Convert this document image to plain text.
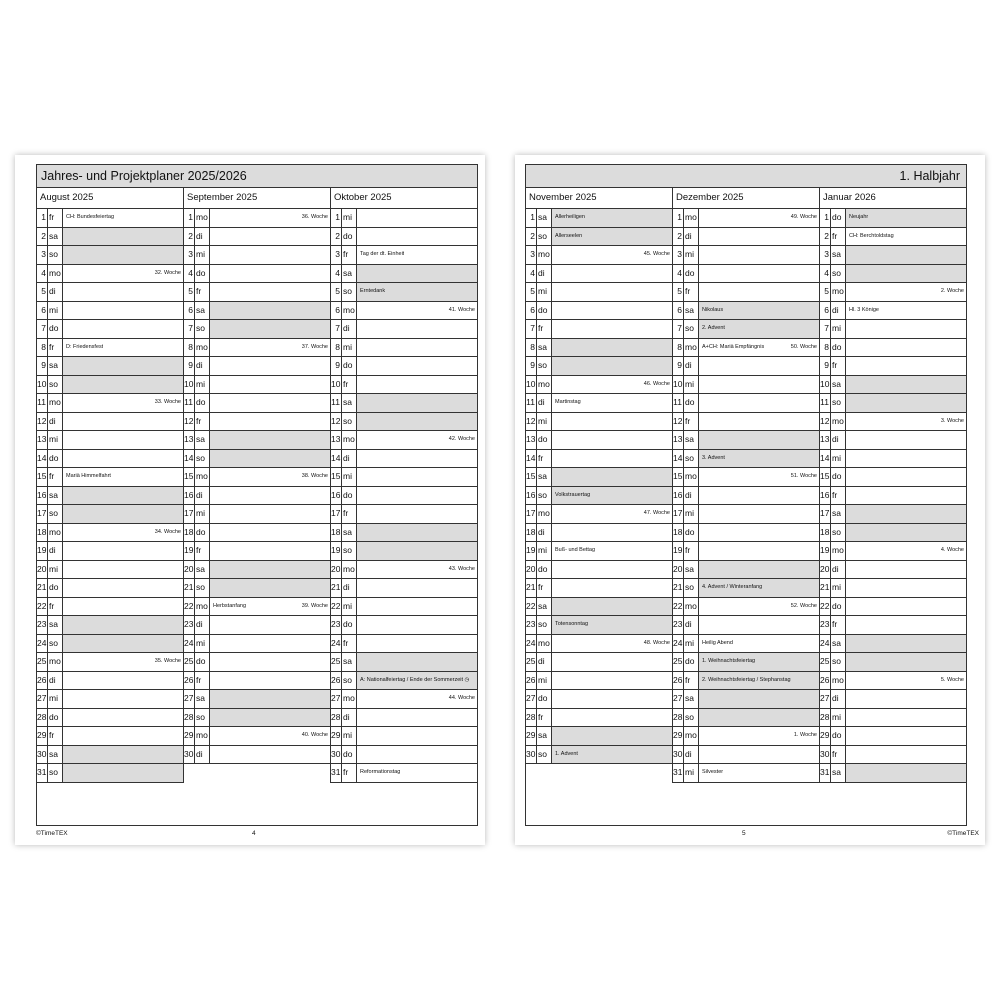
Jahres- und Projektplaner 2025/2026
August 2025
1 fr	CH: Bundesfeiertag
2 sa
3 so
4 mo	32. Woche
5 di
6 mi
7 do
8 fr	D: Friedensfest
9 sa
10 so
11 mo	33. Woche
12 di
13 mi
14 do
15 fr	Mariä Himmelfahrt
16 sa
17 so
18 mo	34. Woche
19 di
20 mi
21 do
22 fr
23 sa
24 so
25 mo	35. Woche
26 di
27 mi
28 do
29 fr
30 sa
31 so
September 2025
1 mo	36. Woche
2 di
3 mi
4 do
5 fr
6 sa
7 so
8 mo	37. Woche
9 di
10 mi
11 do
12 fr
13 sa
14 so
15 mo	38. Woche
16 di
17 mi
18 do
19 fr
20 sa
21 so
22 mo Herbstanfang	39. Woche
23 di
24 mi
25 do
26 fr
27 sa
28 so
29 mo	40. Woche
30 di
Oktober 2025
1 mi
2 do
3 fr	Tag der dt. Einheit
4 sa
5 so	Erntedank
6 mo	41. Woche
7 di
8 mi
9 do
10 fr
11 sa
12 so
13 mo	42. Woche
14 di
15 mi
16 do
17 fr
18 sa
19 so
20 mo	43. Woche
21 di
22 mi
23 do
24 fr
25 sa
26 so	A: Nationalfeiertag / Ende der Sommerzeit ◷
27 mo	44. Woche
28 di
29 mi
30 do
31 fr	Reformationstag
©TimeTEX	4
1. Halbjahr
November 2025
1 sa	Allerheiligen
2 so	Allerseelen
3 mo	45. Woche
4 di
5 mi
6 do
7 fr
8 sa
9 so
10 mo	46. Woche
11 di	Martinstag
12 mi
13 do
14 fr
15 sa
16 so	Volkstrauertag
17 mo	47. Woche
18 di
19 mi	Buß- und Bettag
20 do
21 fr
22 sa
23 so	Totensonntag
24 mo	48. Woche
25 di
26 mi
27 do
28 fr
29 sa
30 so	1. Advent
Dezember 2025
1 mo	49. Woche
2 di
3 mi
4 do
5 fr
6 sa	Nikolaus
7 so	2. Advent
8 mo A+CH: Mariä Empfängnis	50. Woche
9 di
10 mi
11 do
12 fr
13 sa
14 so	3. Advent
15 mo	51. Woche
16 di
17 mi
18 do
19 fr
20 sa
21 so	4. Advent / Winteranfang
22 mo	52. Woche
23 di
24 mi	Heilig Abend
25 do	1. Weihnachtsfeiertag
26 fr	2. Weihnachtsfeiertag / Stephanstag
27 sa
28 so
29 mo	1. Woche
30 di
31 mi	Silvester
Januar 2026
1 do	Neujahr
2 fr	CH: Berchtoldstag
3 sa
4 so
5 mo	2. Woche
6 di	Hl. 3 Könige
7 mi
8 do
9 fr
10 sa
11 so
12 mo	3. Woche
13 di
14 mi
15 do
16 fr
17 sa
18 so
19 mo	4. Woche
20 di
21 mi
22 do
23 fr
24 sa
25 so
26 mo	5. Woche
27 di
28 mi
29 do
30 fr
31 sa
5	©TimeTEX
